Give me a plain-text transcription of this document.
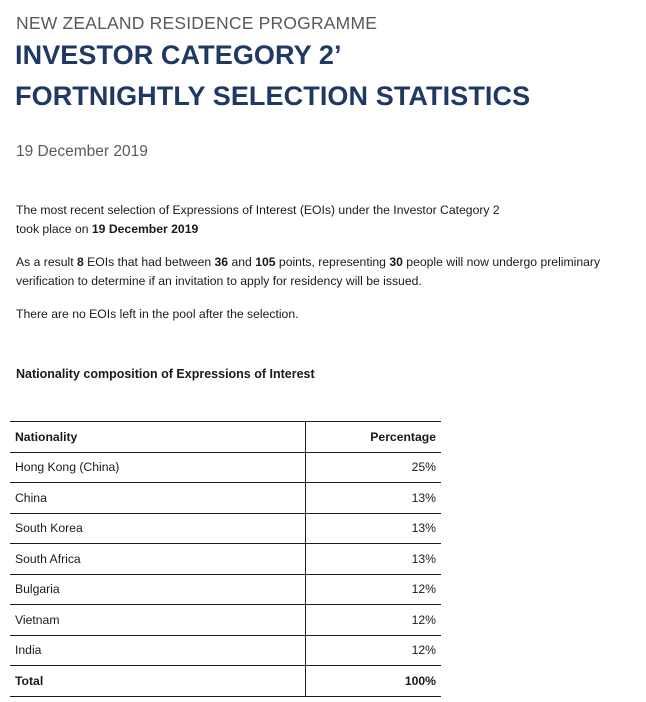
NEW ZEALAND RESIDENCE PROGRAMME
INVESTOR CATEGORY 2’
FORTNIGHTLY SELECTION STATISTICS
19 December 2019
The most recent selection of Expressions of Interest (EOIs) under the Investor Category 2
took place on 19 December 2019
As a result 8 EOIs that had between 36 and 105 points, representing 30 people will now undergo preliminary
verification to determine if an invitation to apply for residency will be issued.
There are no EOIs left in the pool after the selection.
Nationality composition of Expressions of Interest
Nationality	Percentage
Hong Kong (China)	25%
China	13%
South Korea	13%
South Africa	13%
Bulgaria	12%
Vietnam	12%
India	12%
Total	100%
